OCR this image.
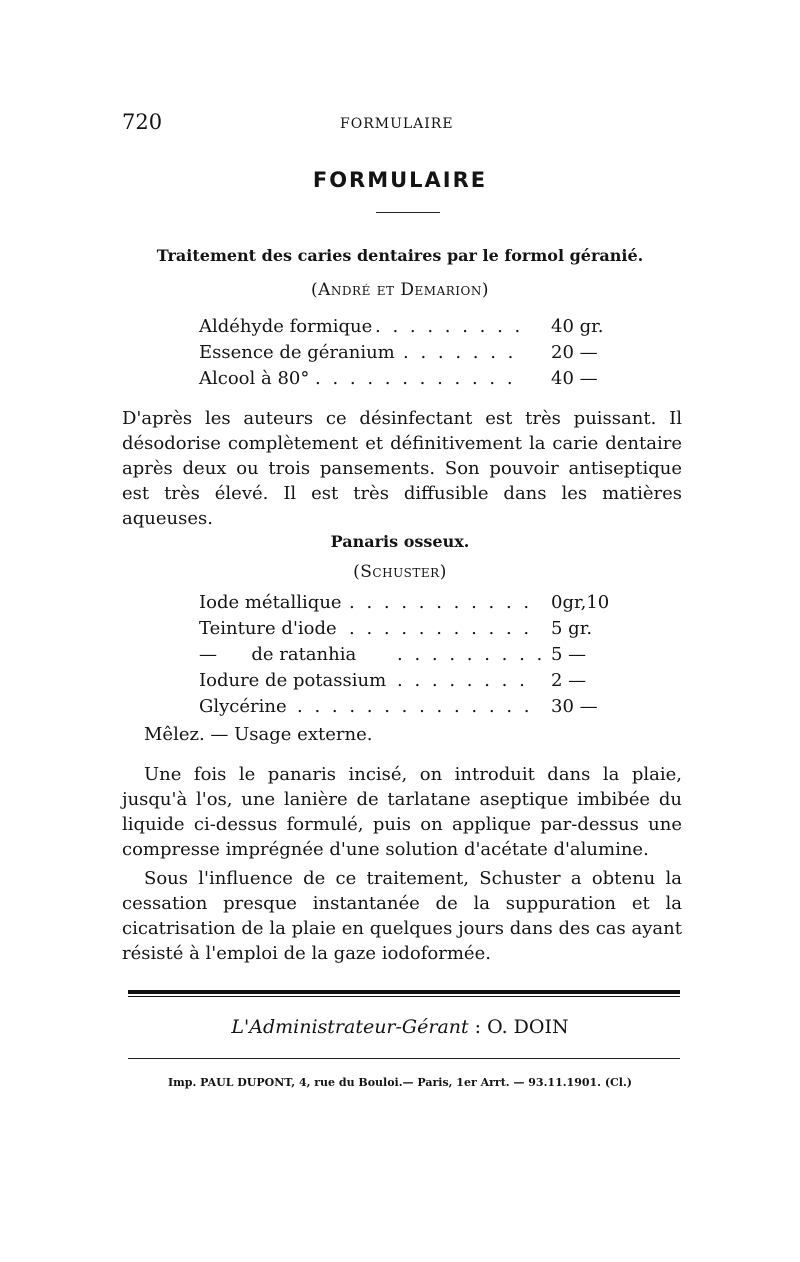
720	FORMULAIRE
FORMULAIRE
Traitement des caries dentaires par le formol géranié.
(André et Demarion)
Aldéhyde formique . . . . . . . . . 40 gr.
Essence de géranium . . . . . . . 20 —
Alcool à 80° . . . . . . . . . . . . 40 —

D'après les auteurs ce désinfectant est très puissant. Il désodorise complètement et définitivement la carie dentaire après deux ou trois pansements. Son pouvoir antiseptique est très élevé. Il est très diffusible dans les matières aqueuses.

Panaris osseux.
(Schuster)
Iode métallique . . . . . . . . . . . 0gr,10
Teinture d'iode . . . . . . . . . . . 5 gr.
—      de ratanhia . . . . . . . . . 5 —
Iodure de potassium . . . . . . . . 2 —
Glycérine . . . . . . . . . . . . . . 30 —
Mêlez. — Usage externe.

Une fois le panaris incisé, on introduit dans la plaie, jusqu'à l'os, une lanière de tarlatane aseptique imbibée du liquide ci-dessus formulé, puis on applique par-dessus une compresse imprégnée d'une solution d'acétate d'alumine.

Sous l'influence de ce traitement, Schuster a obtenu la cessation presque instantanée de la suppuration et la cicatrisation de la plaie en quelques jours dans des cas ayant résisté à l'emploi de la gaze iodoformée.

L'Administrateur-Gérant : O. DOIN
Imp. PAUL DUPONT, 4, rue du Bouloi.— Paris, 1er Arrt. — 93.11.1901. (Cl.)
